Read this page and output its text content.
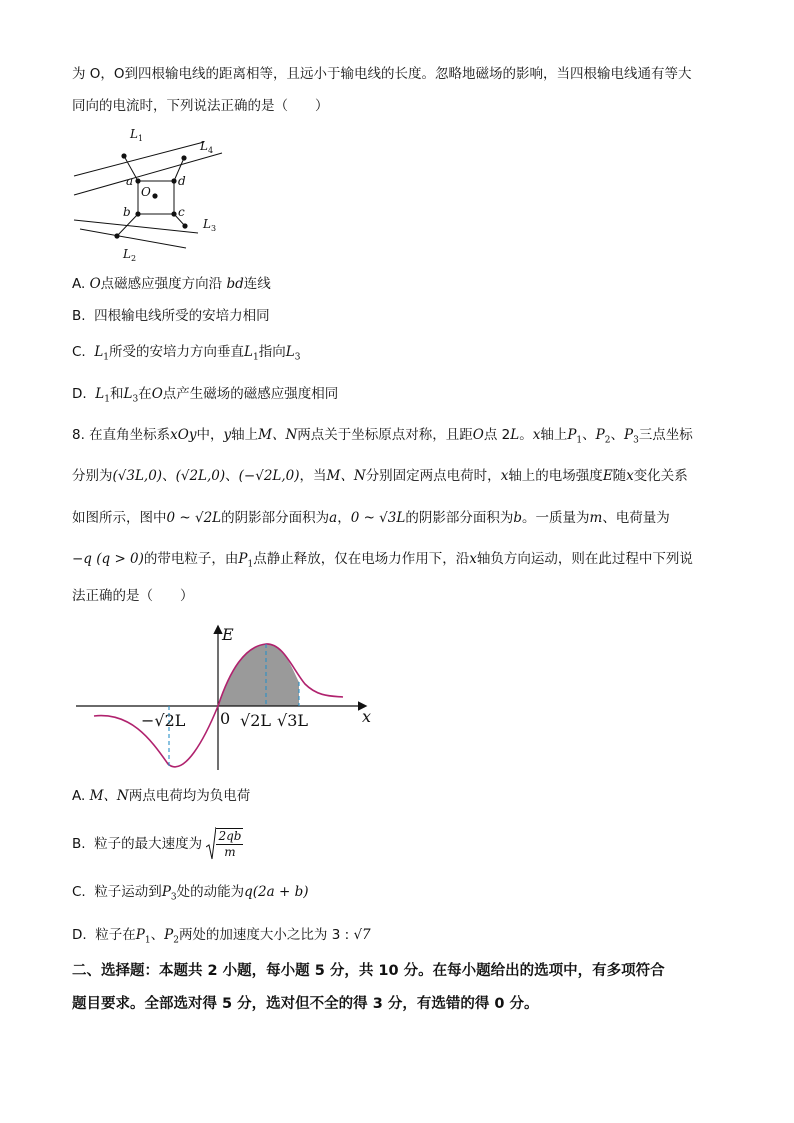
为 O，O到四根输电线的距离相等，且远小于输电线的长度。忽略地磁场的影响，当四根输电线通有等大
同向的电流时，下列说法正确的是（　　）
$L_1$
$L_4$
$L_3$
$L_2$
a	d
b	c
O
A. O点磁感应强度方向沿 bd连线
B. 四根输电线所受的安培力相同
C. $L_1$所受的安培力方向垂直$L_1$指向$L_3$
D. $L_1$和$L_3$在O点产生磁场的磁感应强度相同
8. 在直角坐标系xOy中，y轴上M、N两点关于坐标原点对称，且距O点 2L。x轴上$P_1$、$P_2$、$P_3$三点坐标
分别为(√3L,0)、(√2L,0)、(−√2L,0)，当M、N分别固定两点电荷时，x轴上的电场强度E随x变化关系
如图所示，图中0 ~ √2L的阴影部分面积为a，0 ~ √3L的阴影部分面积为b。一质量为m、电荷量为
−q (q > 0)的带电粒子，由$P_1$点静止释放，仅在电场力作用下，沿x轴负方向运动，则在此过程中下列说
法正确的是（　　）
E
x
0
−√2L	√2L √3L
A. M、N两点电荷均为负电荷
B. 粒子的最大速度为 $\frac{2qb}{m}$
C. 粒子运动到$P_3$处的动能为q(2a + b)
D. 粒子在$P_1$、$P_2$两处的加速度大小之比为 3 : √7
二、选择题：本题共 2 小题，每小题 5 分，共 10 分。在每小题给出的选项中，有多项符合
题目要求。全部选对得 5 分，选对但不全的得 3 分，有选错的得 0 分。
